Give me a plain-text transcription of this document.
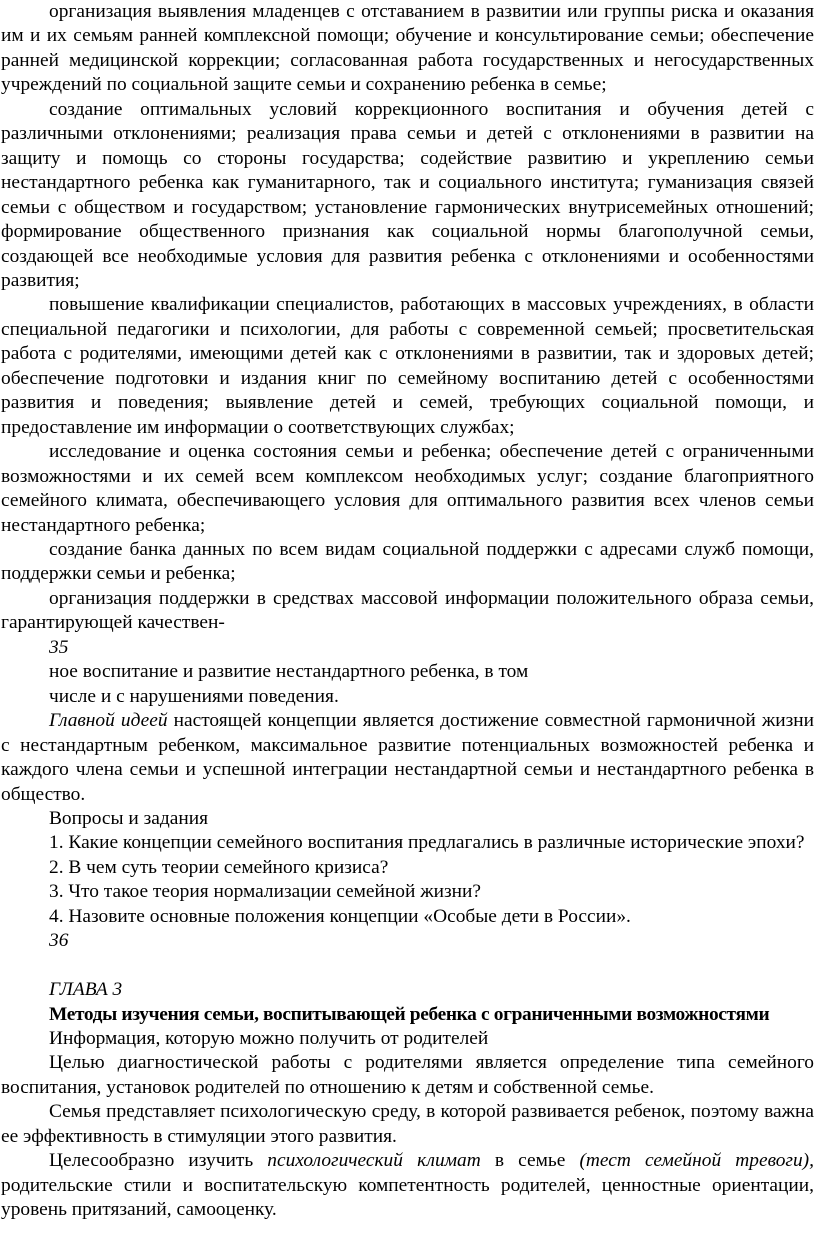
организация выявления младенцев с отставанием в развитии или группы риска и оказания им и их семьям ранней комплексной помощи; обучение и консультирование семьи; обеспечение ранней медицинской коррекции; согласованная работа государственных и негосударственных учреждений по социальной защите семьи и сохранению ребенка в семье;

создание оптимальных условий коррекционного воспитания и обучения детей с различными отклонениями; реализация права семьи и детей с отклонениями в развитии на защиту и помощь со стороны государства; содействие развитию и укреплению семьи нестандартного ребенка как гуманитарного, так и социального института; гуманизация связей семьи с обществом и государством; установление гармонических внутрисемейных отношений; формирование общественного признания как социальной нормы благополучной семьи, создающей все необходимые условия для развития ребенка с отклонениями и особенностями развития;

повышение квалификации специалистов, работающих в массовых учреждениях, в области специальной педагогики и психологии, для работы с современной семьей; просветительская работа с родителями, имеющими детей как с отклонениями в развитии, так и здоровых детей; обеспечение подготовки и издания книг по семейному воспитанию детей с особенностями развития и поведения; выявление детей и семей, требующих социальной помощи, и предоставление им информации о соответствующих службах;

исследование и оценка состояния семьи и ребенка; обеспечение детей с ограниченными возможностями и их семей всем комплексом необходимых услуг; создание благоприятного семейного климата, обеспечивающего условия для оптимального развития всех членов семьи нестандартного ребенка;

создание банка данных по всем видам социальной поддержки с адресами служб помощи, поддержки семьи и ребенка;

организация поддержки в средствах массовой информации положительного образа семьи, гарантирующей качествен-

35

ное воспитание и развитие нестандартного ребенка, в том

числе и с нарушениями поведения.

Главной идеей настоящей концепции является достижение совместной гармоничной жизни с нестандартным ребенком, максимальное развитие потенциальных возможностей ребенка и каждого члена семьи и успешной интеграции нестандартной семьи и нестандартного ребенка в общество.

Вопросы и задания

1. Какие концепции семейного воспитания предлагались в различные исторические эпохи?

2. В чем суть теории семейного кризиса?

3. Что такое теория нормализации семейной жизни?

4. Назовите основные положения концепции «Особые дети в России».

36

ГЛАВА 3

Методы изучения семьи, воспитывающей ребенка с ограниченными возможностями

Информация, которую можно получить от родителей

Целью диагностической работы с родителями является определение типа семейного воспитания, установок родителей по отношению к детям и собственной семье.

Семья представляет психологическую среду, в которой развивается ребенок, поэтому важна ее эффективность в стимуляции этого развития.

Целесообразно изучить психологический климат в семье (тест семейной тревоги), родительские стили и воспитательскую компетентность родителей, ценностные ориентации, уровень притязаний, самооценку.
